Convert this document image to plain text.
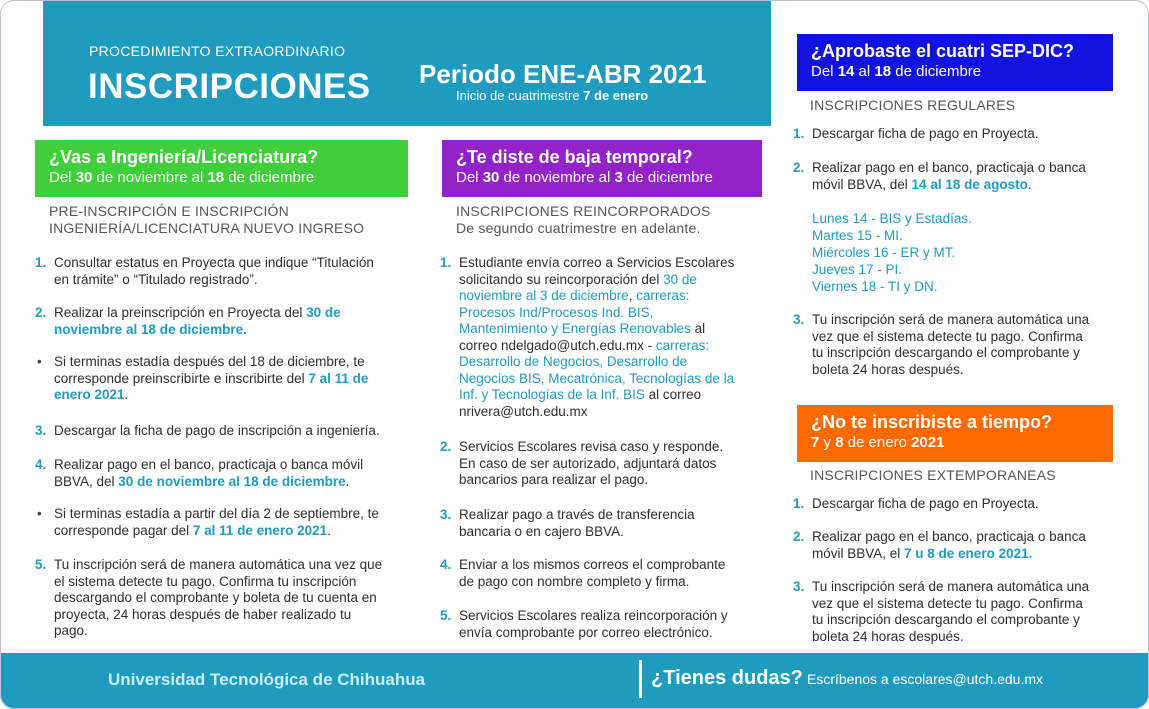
PROCEDIMIENTO EXTRAORDINARIO
INSCRIPCIONES Periodo ENE-ABR 2021
Inicio de cuatrimestre 7 de enero
¿Vas a Ingeniería/Licenciatura?
Del 30 de noviembre al 18 de diciembre
PRE-INSCRIPCIÓN E INSCRIPCIÓN
INGENIERÍA/LICENCIATURA NUEVO INGRESO
1. Consultar estatus en Proyecta que indique “Titulación
en trámite” o “Titulado registrado”.
2. Realizar la preinscripción en Proyecta del 30 de
noviembre al 18 de diciembre.
• Si terminas estadía después del 18 de diciembre, te
corresponde preinscribirte e inscribirte del 7 al 11 de
enero 2021.
3. Descargar la ficha de pago de inscripción a ingeniería.
4. Realizar pago en el banco, practicaja o banca móvil
BBVA, del 30 de noviembre al 18 de diciembre.
• Si terminas estadía a partir del día 2 de septiembre, te
corresponde pagar del 7 al 11 de enero 2021.
5. Tu inscripción será de manera automática una vez que
el sistema detecte tu pago. Confirma tu inscripción
descargando el comprobante y boleta de tu cuenta en
proyecta, 24 horas después de haber realizado tu
pago.
¿Te diste de baja temporal?
Del 30 de noviembre al 3 de diciembre
INSCRIPCIONES REINCORPORADOS
De segundo cuatrimestre en adelante.
1. Estudiante envía correo a Servicios Escolares
solicitando su reincorporación del 30 de
noviembre al 3 de diciembre, carreras:
Procesos Ind/Procesos Ind. BIS,
Mantenimiento y Energías Renovables al
correo ndelgado@utch.edu.mx - carreras:
Desarrollo de Negocios, Desarrollo de
Negocios BIS, Mecatrónica, Tecnologías de la
Inf. y Tecnologías de la Inf. BIS al correo
nrivera@utch.edu.mx
2. Servicios Escolares revisa caso y responde.
En caso de ser autorizado, adjuntará datos
bancarios para realizar el pago.
3. Realizar pago a través de transferencia
bancaria o en cajero BBVA.
4. Enviar a los mismos correos el comprobante
de pago con nombre completo y firma.
5. Servicios Escolares realiza reincorporación y
envía comprobante por correo electrónico.
¿Aprobaste el cuatri SEP-DIC?
Del 14 al 18 de diciembre
INSCRIPCIONES REGULARES
1. Descargar ficha de pago en Proyecta.
2. Realizar pago en el banco, practicaja o banca
móvil BBVA, del 14 al 18 de agosto.
Lunes 14 - BIS y Estadías.
Martes 15 - MI.
Miércoles 16 - ER y MT.
Jueves 17 - PI.
Viernes 18 - TI y DN.
3. Tu inscripción será de manera automática una
vez que el sistema detecte tu pago. Confirma
tu inscripción descargando el comprobante y
boleta 24 horas después.
¿No te inscribiste a tiempo?
7 y 8 de enero 2021
INSCRIPCIONES EXTEMPORANEAS
1. Descargar ficha de pago en Proyecta.
2. Realizar pago en el banco, practicaja o banca
móvil BBVA, el 7 u 8 de enero 2021.
3. Tu inscripción será de manera automática una
vez que el sistema detecte tu pago. Confirma
tu inscripción descargando el comprobante y
boleta 24 horas después.
Universidad Tecnológica de Chihuahua	¿Tienes dudas? Escríbenos a escolares@utch.edu.mx
